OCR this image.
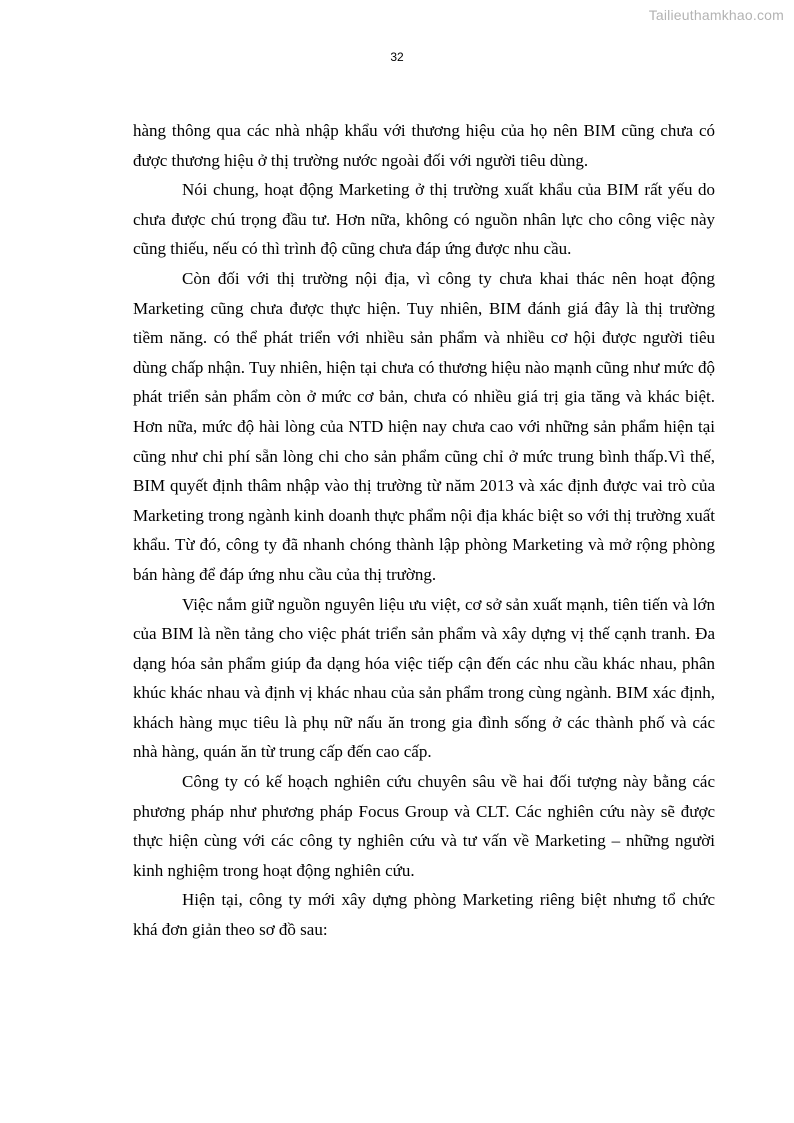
Tailieuthamkhao.com
32

hàng thông qua các nhà nhập khẩu với thương hiệu của họ nên BIM cũng chưa có được thương hiệu ở thị trường nước ngoài đối với người tiêu dùng.

Nói chung, hoạt động Marketing ở thị trường xuất khẩu của BIM rất yếu do chưa được chú trọng đầu tư. Hơn nữa, không có nguồn nhân lực cho công việc này cũng thiếu, nếu có thì trình độ cũng chưa đáp ứng được nhu cầu.

Còn đối với thị trường nội địa, vì công ty chưa khai thác nên hoạt động Marketing cũng chưa được thực hiện. Tuy nhiên, BIM đánh giá đây là thị trường tiềm năng. có thể phát triển với nhiều sản phẩm và nhiều cơ hội được người tiêu dùng chấp nhận. Tuy nhiên, hiện tại chưa có thương hiệu nào mạnh cũng như mức độ phát triển sản phẩm còn ở mức cơ bản, chưa có nhiều giá trị gia tăng và khác biệt. Hơn nữa, mức độ hài lòng của NTD hiện nay chưa cao với những sản phẩm hiện tại cũng như chi phí sẵn lòng chi cho sản phẩm cũng chỉ ở mức trung bình thấp.Vì thế, BIM quyết định thâm nhập vào thị trường từ năm 2013 và xác định được vai trò của Marketing trong ngành kinh doanh thực phẩm nội địa khác biệt so với thị trường xuất khẩu. Từ đó, công ty đã nhanh chóng thành lập phòng Marketing và mở rộng phòng bán hàng để đáp ứng nhu cầu của thị trường.

Việc nắm giữ nguồn nguyên liệu ưu việt, cơ sở sản xuất mạnh, tiên tiến và lớn của BIM là nền tảng cho việc phát triển sản phẩm và xây dựng vị thế cạnh tranh. Đa dạng hóa sản phẩm giúp đa dạng hóa việc tiếp cận đến các nhu cầu khác nhau, phân khúc khác nhau và định vị khác nhau của sản phẩm trong cùng ngành. BIM xác định, khách hàng mục tiêu là phụ nữ nấu ăn trong gia đình sống ở các thành phố và các nhà hàng, quán ăn từ trung cấp đến cao cấp.

Công ty có kế hoạch nghiên cứu chuyên sâu về hai đối tượng này bằng các phương pháp như phương pháp Focus Group và CLT. Các nghiên cứu này sẽ được thực hiện cùng với các công ty nghiên cứu và tư vấn về Marketing – những người kinh nghiệm trong hoạt động nghiên cứu.

Hiện tại, công ty mới xây dựng phòng Marketing riêng biệt nhưng tổ chức khá đơn giản theo sơ đồ sau:
